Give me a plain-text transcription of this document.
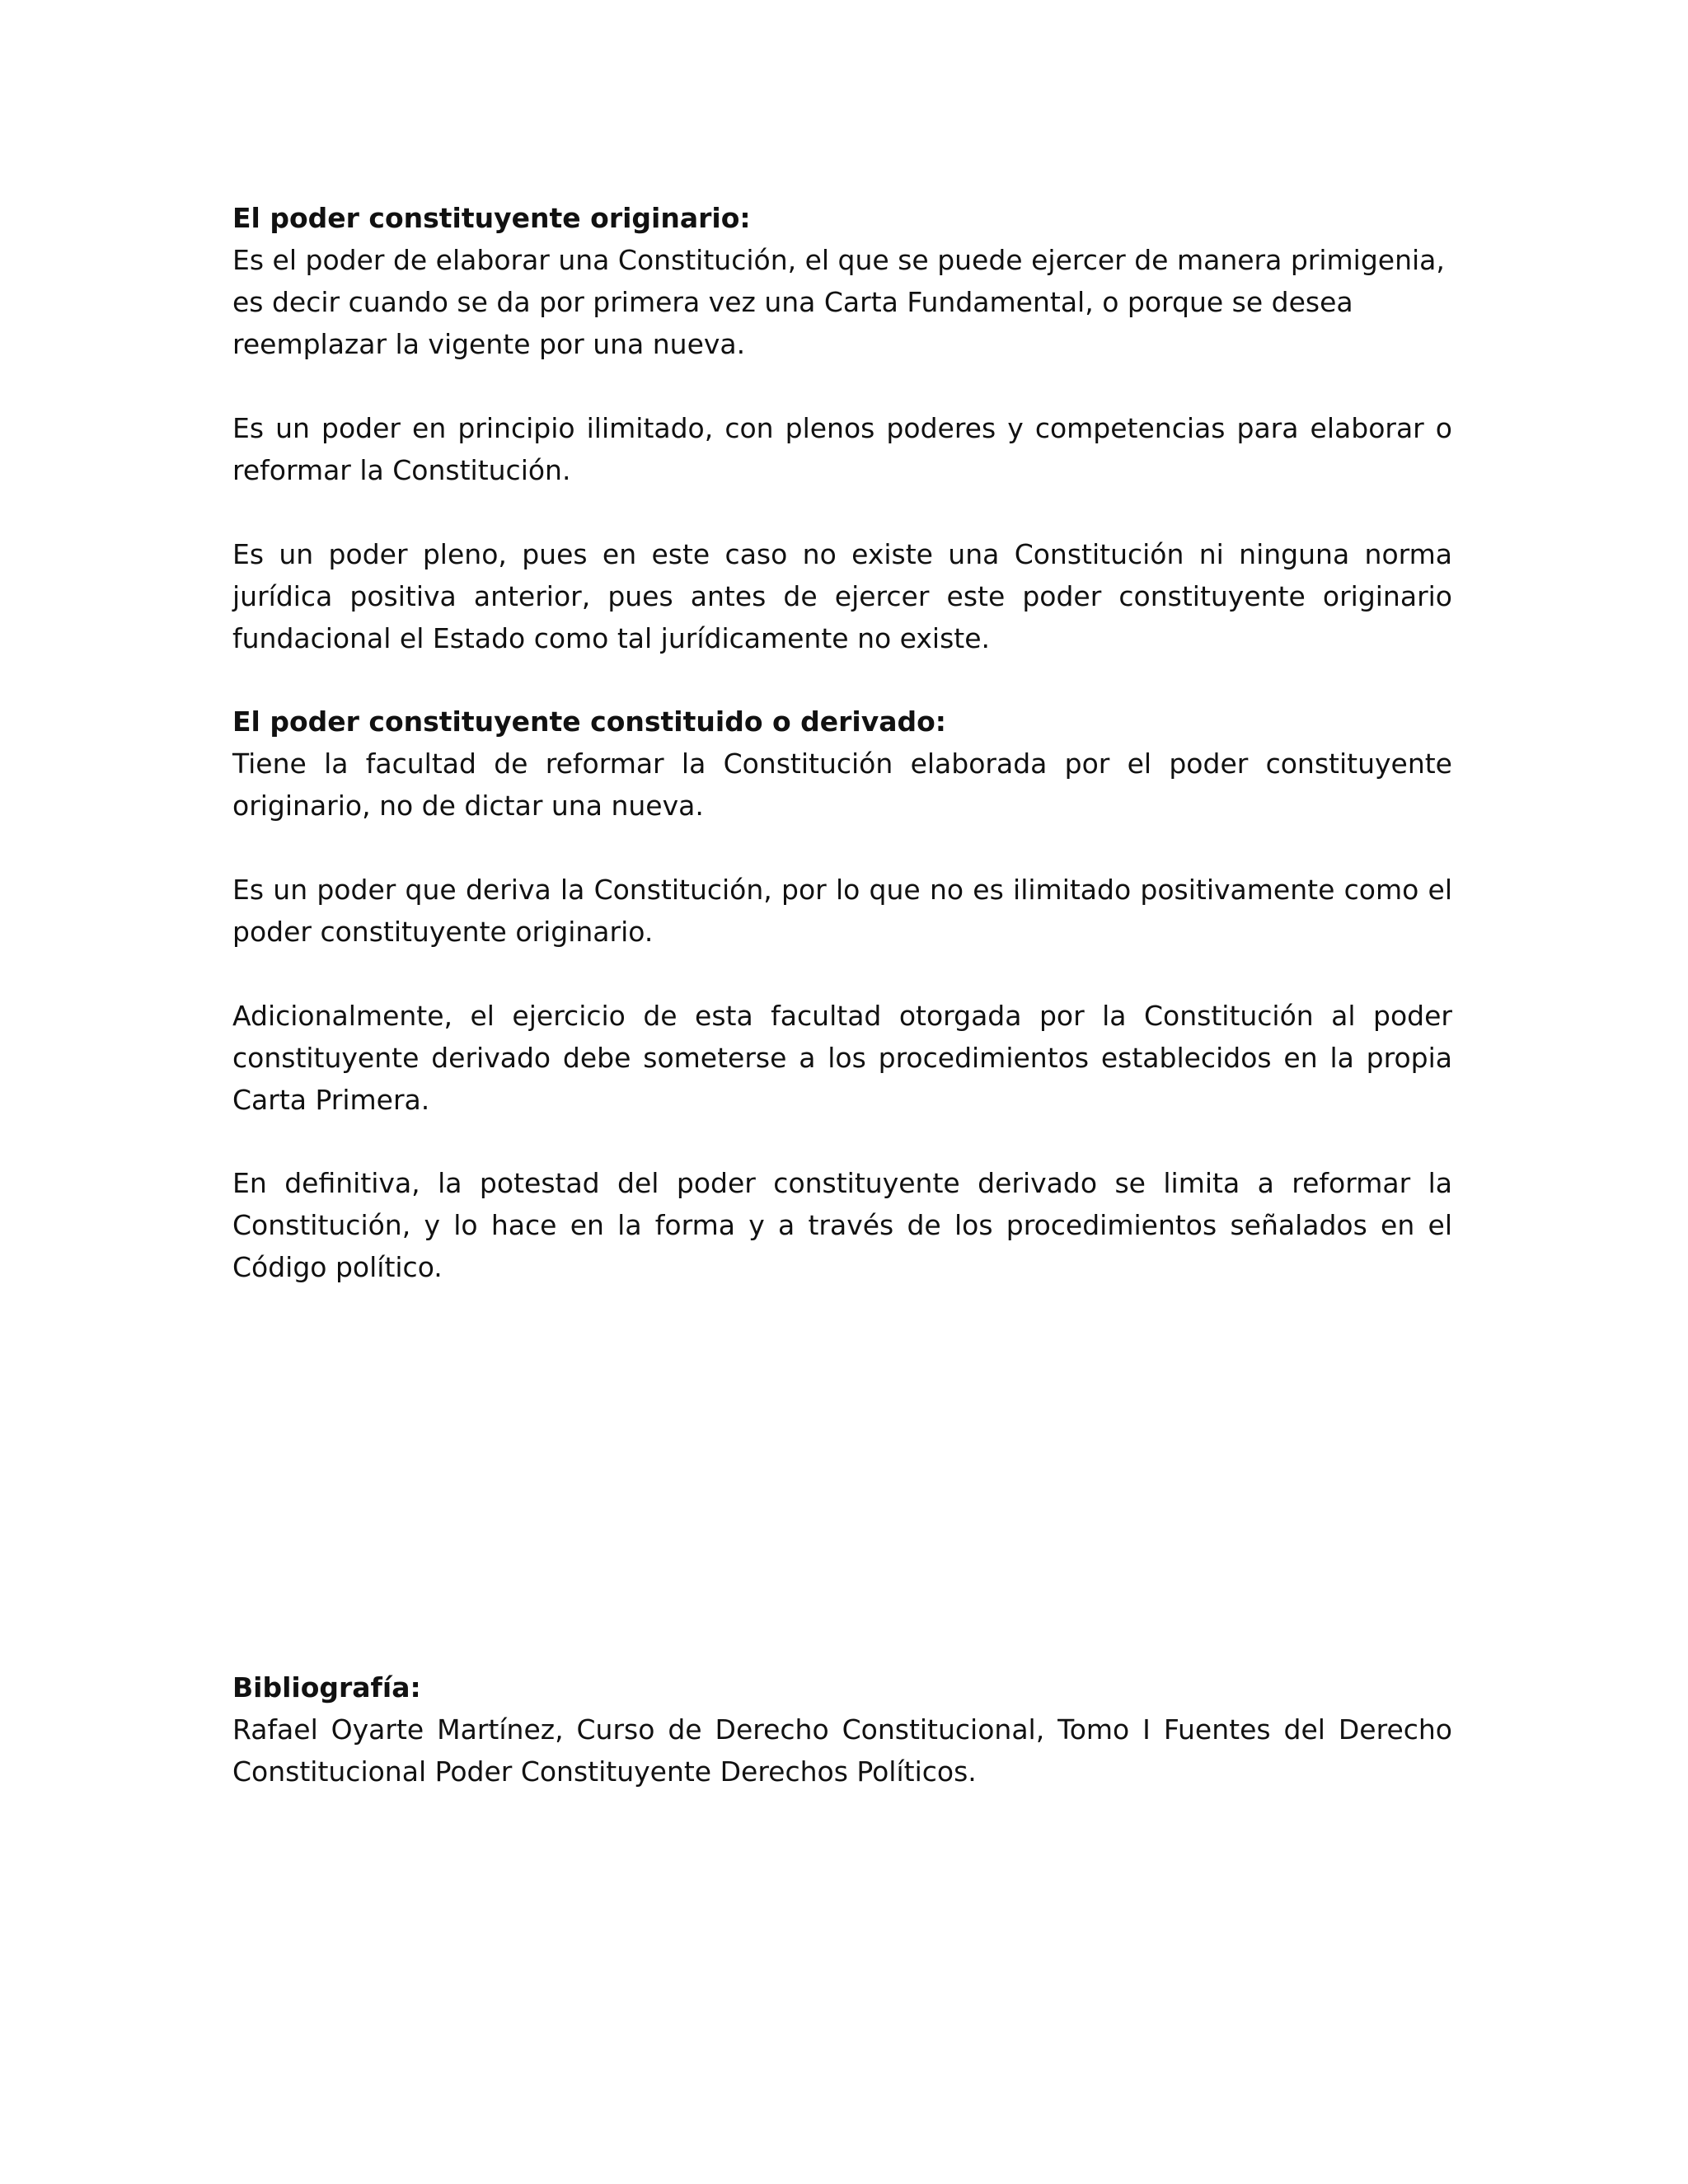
El poder constituyente originario:

Es el poder de elaborar una Constitución, el que se puede ejercer de manera primigenia, es decir cuando se da por primera vez una Carta Fundamental, o porque se desea reemplazar la vigente por una nueva.

Es un poder en principio ilimitado, con plenos poderes y competencias para elaborar o reformar la Constitución.

Es un poder pleno, pues en este caso no existe una Constitución ni ninguna norma jurídica positiva anterior, pues antes de ejercer este poder constituyente originario fundacional el Estado como tal jurídicamente no existe.

El poder constituyente constituido o derivado:

Tiene la facultad de reformar la Constitución elaborada por el poder constituyente originario, no de dictar una nueva.

Es un poder que deriva la Constitución, por lo que no es ilimitado positivamente como el poder constituyente originario.

Adicionalmente, el ejercicio de esta facultad otorgada por la Constitución al poder constituyente derivado debe someterse a los procedimientos establecidos en la propia Carta Primera.

En definitiva, la potestad del poder constituyente derivado se limita a reformar la Constitución, y lo hace en la forma y a través de los procedimientos señalados en el Código político.

Bibliografía:

Rafael Oyarte Martínez, Curso de Derecho Constitucional, Tomo I Fuentes del Derecho Constitucional Poder Constituyente Derechos Políticos.
